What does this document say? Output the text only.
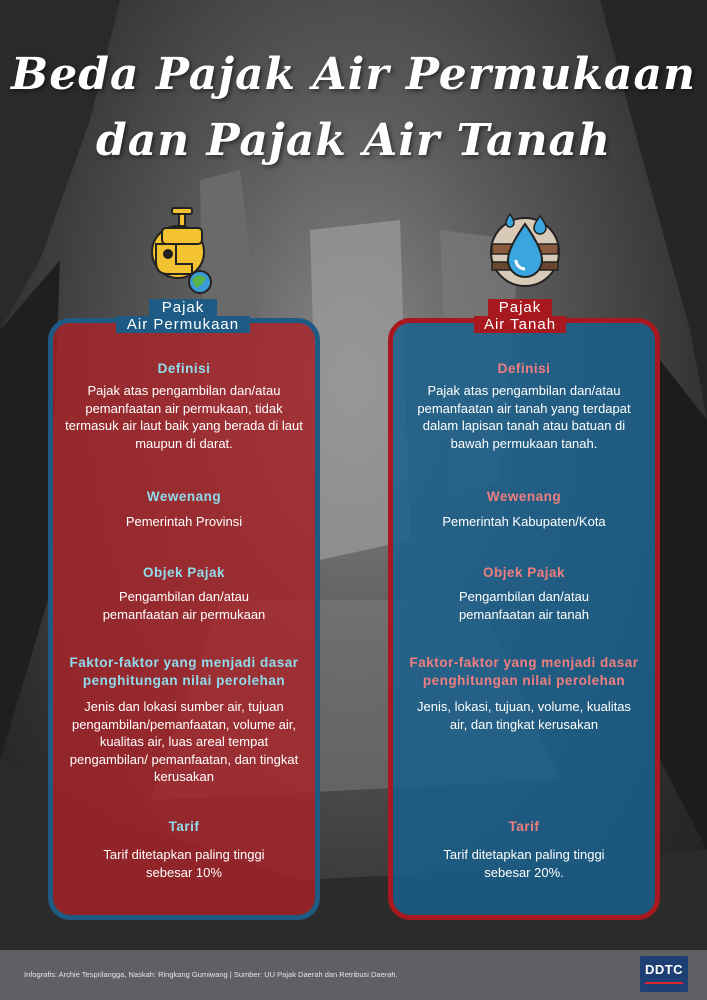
Beda Pajak Air Permukaan
dan Pajak Air Tanah
Pajak
Air Permukaan
Pajak
Air Tanah
Definisi
Pajak atas pengambilan dan/atau pemanfaatan air permukaan, tidak termasuk air laut baik yang berada di laut maupun di darat.
Wewenang
Pemerintah Provinsi
Objek Pajak
Pengambilan dan/atau pemanfaatan air permukaan
Faktor-faktor yang menjadi dasar penghitungan nilai perolehan
Jenis dan lokasi sumber air, tujuan pengambilan/pemanfaatan, volume air, kualitas air, luas areal tempat pengambilan/ pemanfaatan, dan tingkat kerusakan
Tarif
Tarif ditetapkan paling tinggi sebesar 10%
Definisi
Pajak atas pengambilan dan/atau pemanfaatan air tanah yang terdapat dalam lapisan tanah atau batuan di bawah permukaan tanah.
Wewenang
Pemerintah Kabupaten/Kota
Objek Pajak
Pengambilan dan/atau pemanfaatan air tanah
Faktor-faktor yang menjadi dasar penghitungan nilai perolehan
Jenis, lokasi, tujuan, volume, kualitas air, dan tingkat kerusakan
Tarif
Tarif ditetapkan paling tinggi sebesar 20%.
Infografis: Archie Tesprilangga, Naskah: Ringkang Gumiwang | Sumber: UU Pajak Daerah dan Retribusi Daerah.	DDTC
